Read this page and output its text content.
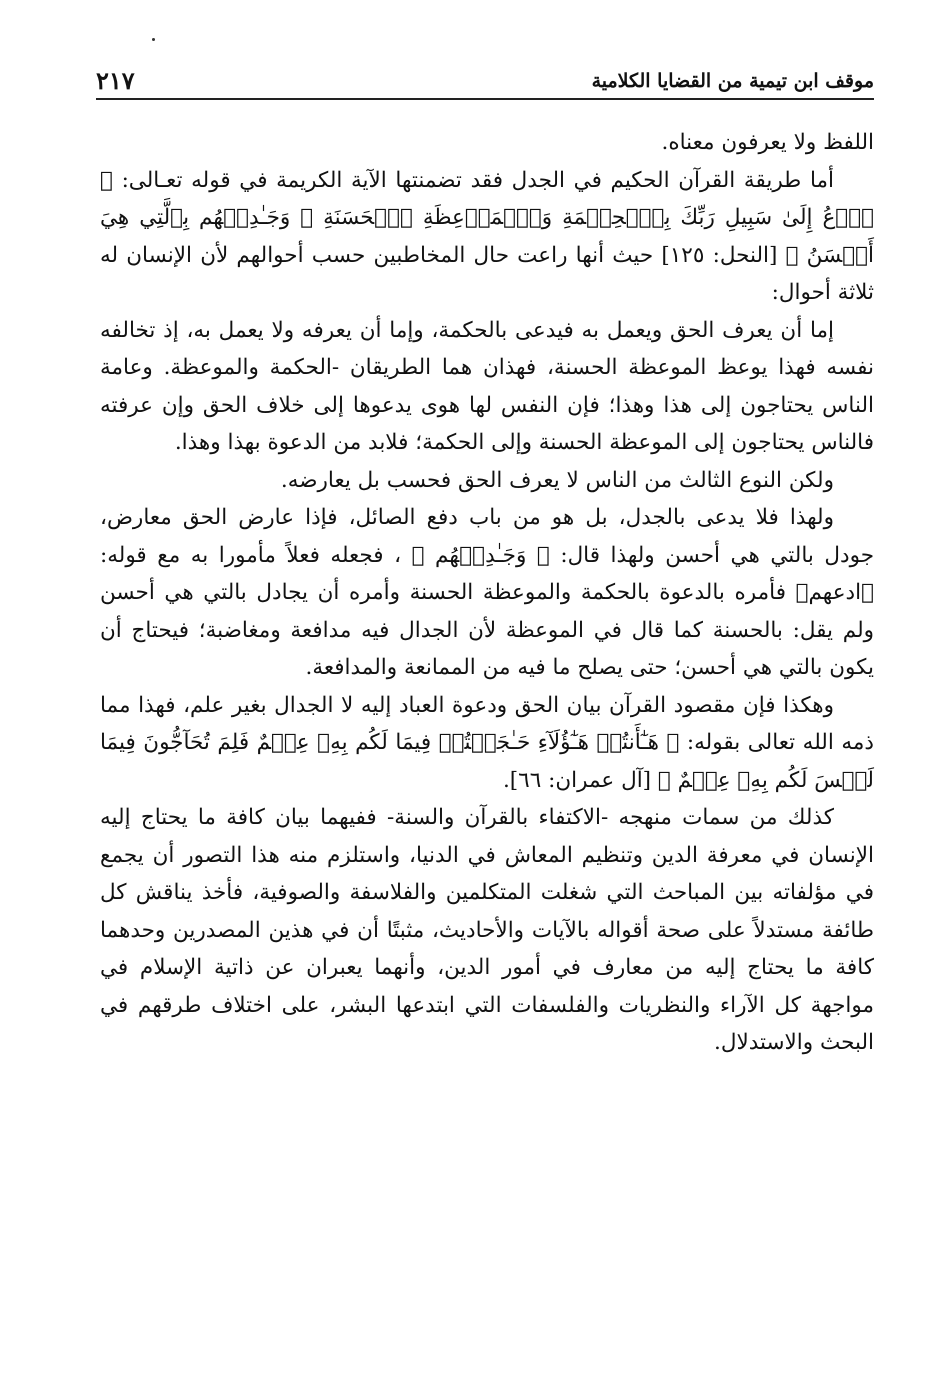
موقف ابن تيمية من القضايا الكلامية
٢١٧

اللفظ ولا يعرفون معناه.

أما طريقة القرآن الحكيم في الجدل فقد تضمنتها الآية الكريمة في قوله تعـالى: ﴿ ٱدۡعُ إِلَىٰ سَبِيلِ رَبِّكَ بِٱلۡحِكۡمَةِ وَٱلۡمَوۡعِظَةِ ٱلۡحَسَنَةِ ۖ وَجَـٰدِلۡهُم بِٱلَّتِي هِيَ أَحۡسَنُ ﴾ [النحل: ١٢٥] حيث أنها راعت حال المخاطبين حسب أحوالهم لأن الإنسان له ثلاثة أحوال:

إما أن يعرف الحق ويعمل به فيدعى بالحكمة، وإما أن يعرفه ولا يعمل به، إذ تخالفه نفسه فهذا يوعظ الموعظة الحسنة، فهذان هما الطريقان -الحكمة والموعظة. وعامة الناس يحتاجون إلى هذا وهذا؛ فإن النفس لها هوى يدعوها إلى خلاف الحق وإن عرفته فالناس يحتاجون إلى الموعظة الحسنة وإلى الحكمة؛ فلابد من الدعوة بهذا وهذا.

ولكن النوع الثالث من الناس لا يعرف الحق فحسب بل يعارضه.

ولهذا فلا يدعى بالجدل، بل هو من باب دفع الصائل، فإذا عارض الحق معارض، جودل بالتي هي أحسن ولهذا قال: ﴿ وَجَـٰدِلۡهُم ﴾ ، فجعله فعلاً مأمورا به مع قوله: ﴿ادعهم﴾ فأمره بالدعوة بالحكمة والموعظة الحسنة وأمره أن يجادل بالتي هي أحسن ولم يقل: بالحسنة كما قال في الموعظة لأن الجدال فيه مدافعة ومغاضبة؛ فيحتاج أن يكون بالتي هي أحسن؛ حتى يصلح ما فيه من الممانعة والمدافعة.

وهكذا فإن مقصود القرآن بيان الحق ودعوة العباد إليه لا الجدال بغير علم، فهذا مما ذمه الله تعالى بقوله: ﴿ هَـٰٓأَنتُمۡ هَـٰٓؤُلَآءِ حَـٰجَجۡتُمۡ فِيمَا لَكُم بِهِۦ عِلۡمٌ فَلِمَ تُحَآجُّونَ فِيمَا لَيۡسَ لَكُم بِهِۦ عِلۡمٌ ﴾ [آل عمران: ٦٦].

كذلك من سمات منهجه -الاكتفاء بالقرآن والسنة- ففيهما بيان كافة ما يحتاج إليه الإنسان في معرفة الدين وتنظيم المعاش في الدنيا، واستلزم منه هذا التصور أن يجمع في مؤلفاته بين المباحث التي شغلت المتكلمين والفلاسفة والصوفية، فأخذ يناقش كل طائفة مستدلاً على صحة أقواله بالآيات والأحاديث، مثبتًا أن في هذين المصدرين وحدهما كافة ما يحتاج إليه من معارف في أمور الدين، وأنهما يعبران عن ذاتية الإسلام في مواجهة كل الآراء والنظريات والفلسفات التي ابتدعها البشر، على اختلاف طرقهم في البحث والاستدلال.
